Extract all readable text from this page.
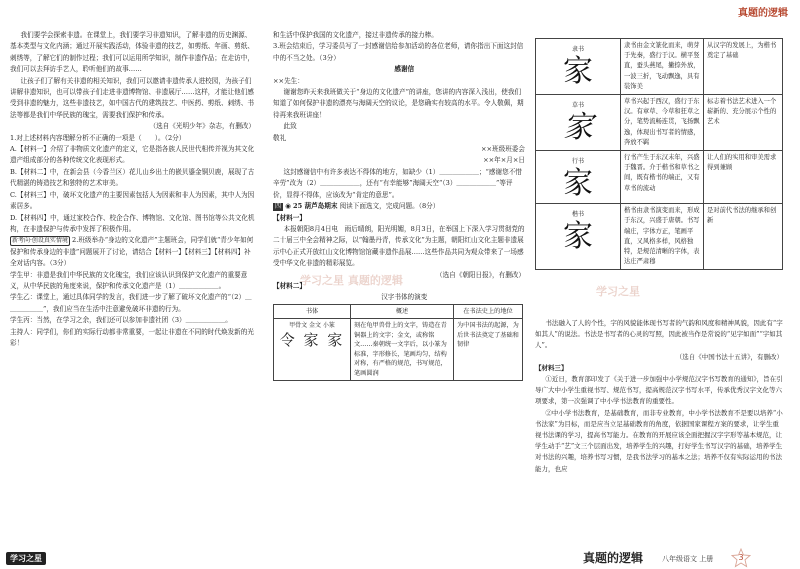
真题的逻辑

我们要学会探索非遗。在课堂上，我们要学习非遗知识，了解非遗的历史渊源、基本类型与文化内涵；通过开展实践活动，体验非遗的技艺，如剪纸、年画、剪纸、刺绣等，了解它们的制作过程；我们可以运用所学知识，制作非遗作品；在走访中，我们可以去拜访手艺人，聆听他们的故事……

让孩子们了解有关非遗的相关知识，我们可以邀请非遗传承人进校园，为孩子们讲解非遗知识，也可以带孩子们走进非遗博物馆、非遗展厅……这样，才能让他们感受到非遗的魅力，这些非遗技艺，如中国古代的建筑技艺、中医药、剪纸、刺绣、书法等都是我们中华民族的瑰宝，需要我们保护和传承。

（选自《光明少年》杂志，有删改）

1.对上述材料内容理解分析不正确的一项是（　　）。（2分）

A.【材料一】介绍了非物质文化遗产的定义，它是指各族人民世代相传并视为其文化遗产组成部分的各种传统文化表现形式。

B.【材料二】中，在新会县（今香兰区）花儿山乡出土的嵌贝鎏金铜贝鹿，展现了古代精湛的铸造技艺和独特的艺术审美。

C.【材料三】中，破坏文化遗产的主要因素包括人为因素和非人为因素，其中人为因素居多。

D.【材料四】中，通过家校合作、校企合作、博物馆、文化馆、图书馆等公共文化机构，在非遗保护与传承中发挥了积极作用。

新考向·创设真实情境 2.班级举办“身边的文化遗产”主题班会，同学们就“青少年如何保护和传承身边的非遗”问题展开了讨论，请结合【材料一】【材料三】【材料四】补全对话内容。（3分）

学生甲：非遗是我们中华民族的文化瑰宝，我们应该认识到保护文化遗产的重要意义，从中华民族的角度来说，保护和传承文化遗产是（1）＿＿＿＿＿＿。

学生乙：课堂上，通过具体同学的发言，我们进一步了解了破坏文化遗产的“（2）＿＿＿＿＿＿”，我们应当在生活中注意避免破坏非遗的行为。

学生丙：当然，在学习之余，我们还可以参加非遗社团（3）＿＿＿＿＿＿。

主持人：同学们，你们的实际行动都非常重要，一起让非遗在不同的时代焕发新的光彩！

和生活中保护我国的文化遗产，接过非遗传承的接力棒。

3.班会结束后，学习委员写了一封感谢信给参加活动的各位老师，请你指出下面这封信中的不当之处。（3分）

感谢信

××先生：

谢谢您昨天来我班做关于“身边的文化遗产”的讲座，您讲的内容深入浅出，使我们知道了如何保护非遗的漂亮与海阔天空的议论，是您确实有较高的水平。令人敬佩，期待再来我班讲座！

此致

敬礼

××班级班委会

××年×月×日

这封感谢信中有许多表达不得体的地方，如缺少（1）＿＿＿＿＿＿；“感谢您不惜辛劳”改为（2）＿＿＿＿＿＿，还有“有幸能够”海阔天空“（3）＿＿＿＿＿＿”等评价，显得不得体，应该改为“肯定的意思”。

四 ◉ 25 葫芦岛期末 阅读下面选文，完成问题。（8分）

【材料一】

本报朝阳8月4日电　雨后晴朗，阳光明媚，8月3日，在举国上下深入学习贯彻党的二十届三中全会精神之际，以“翰墨丹青，传承文化”为主题，朝阳红山文化主题非遗展示中心正式开放红山文化博物馆馆藏非遗作品展……这些作品共同为观众带来了一场感受中华文化非遗的精彩展览。

（选自《朝阳日报》，有删改）

【材料二】

汉字书体的演变

书体	概述	在书法史上的地位

甲骨文 金文 小篆
令 家 家	刻在龟甲兽骨上的文字，铸造在青铜器上的文字；金文，或称铭文……秦朝统一文字后，以小篆为标准，字形修长，笔画均匀，结构对称，有严格的规范，书写规范，笔画圆润	为中国书法的起源，为后世书法奠定了基础和韧律
隶书
家	隶书由金文篆化而来，萌芽于先秦，盛行于汉。横平竖直，蚕头燕尾，撇捺外放，一波三折，飞动飘逸，具有装饰美	从汉字的发展上，为楷书奠定了基础

草书
家	草书兴起于西汉，盛行于东汉。有章草、今草和狂草之分，笔势流畅连贯，飞扬飘逸，体现出书写者的情感，奔放不羁	标志着书法艺术进入一个崭新的、充分展示个性的艺术

行书
家	行书产生于东汉末年，兴盛于魏晋。介于楷书和草书之间，既有楷书的端正，又有草书的流动	让人们的实用和审美需求得到兼顾

楷书
家	楷书由隶书演变而来，形成于东汉，兴盛于唐朝。书写端庄，字体方正，笔画平直，又风格多样，风格独特，是规范清晰的字体，表达庄严肃穆	是对前代书法的继承和创新

书法融入了人的个性，字的风貌能体现书写者的气韵和风度和精神风貌，因此有“字如其人”的说法。书法是书写者的心灵的写照，因此被当作是常说的“见字如面”“字如其人”。

（选自《中国书法十五讲》，有删改）

【材料三】

①近日，教育部印发了《关于进一步加强中小学规范汉字书写教育的通知》，旨在引导广大中小学生重视书写、规范书写，提高规范汉字书写水平，传承优秀汉字文化等六项要求，第一次强调了中小学书法教育的重要性。

②中小学书法教育，是基础教育，而非专业教育，中小学书法教育不是要以培养“小书法家”为目标，而是应当立足基础教育的角度，依据国家课程方案的要求，让学生重视书法课的学习，提高书写能力。在教育的开展应该全面把握汉字字形等基本规范，让学生动手“艺”文三个层面出发，培养学生的兴趣，打好学生书写汉字的基础，培养学生对书法的兴趣，培养书写习惯，是我书法学习的基本之法；培养不仅有实际运用的书法能力，也应

学习之星 真题的逻辑
学习之星
学习之星	真题的逻辑	八年级语文 上册	3
